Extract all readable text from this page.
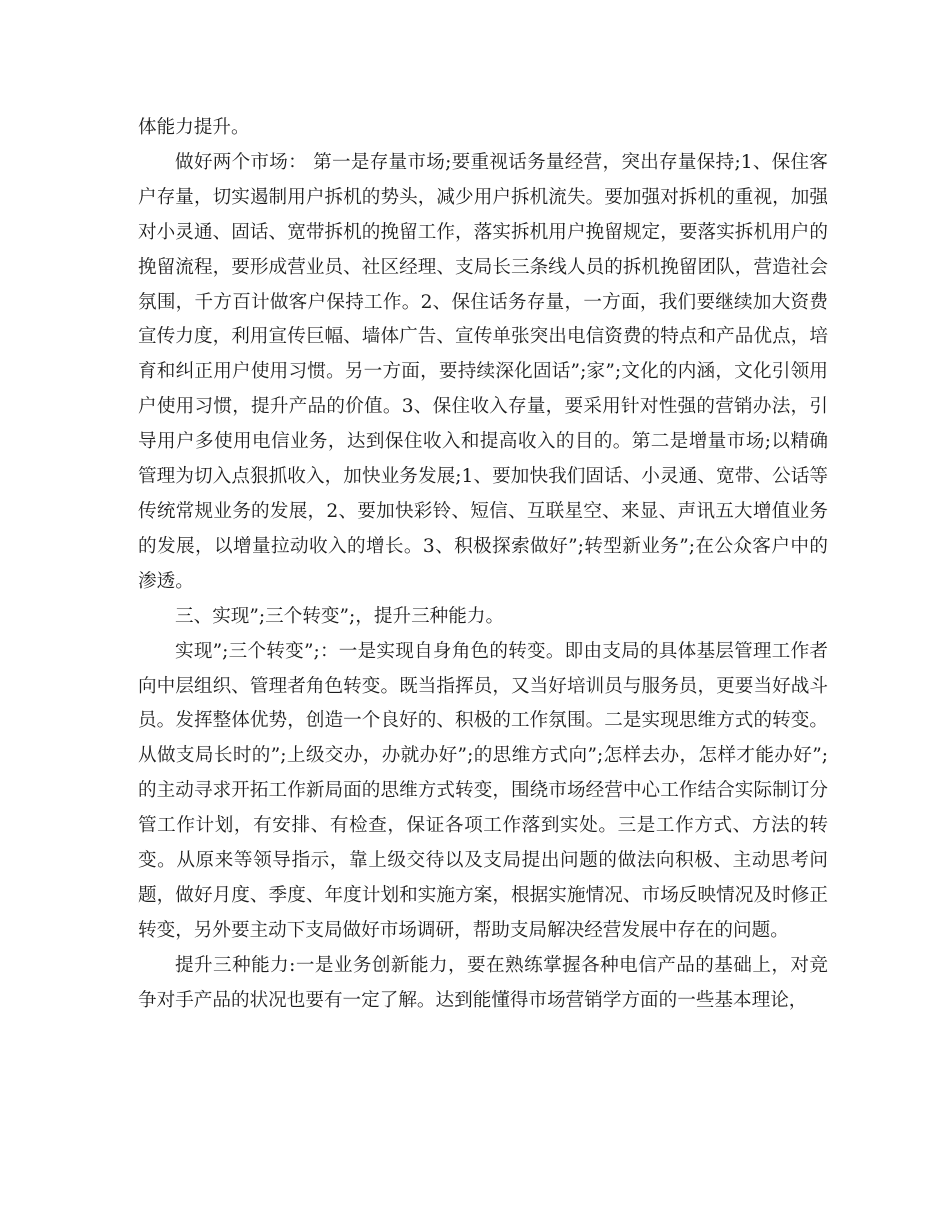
体能力提升。

做好两个市场： 第一是存量市场;要重视话务量经营，突出存量保持;1、保住客户存量，切实遏制用户拆机的势头，减少用户拆机流失。要加强对拆机的重视，加强对小灵通、固话、宽带拆机的挽留工作，落实拆机用户挽留规定，要落实拆机用户的挽留流程，要形成营业员、社区经理、支局长三条线人员的拆机挽留团队，营造社会氛围，千方百计做客户保持工作。2、保住话务存量，一方面，我们要继续加大资费宣传力度，利用宣传巨幅、墙体广告、宣传单张突出电信资费的特点和产品优点，培育和纠正用户使用习惯。另一方面，要持续深化固话”;家”;文化的内涵，文化引领用户使用习惯，提升产品的价值。3、保住收入存量，要采用针对性强的营销办法，引导用户多使用电信业务，达到保住收入和提高收入的目的。第二是增量市场;以精确管理为切入点狠抓收入，加快业务发展;1、要加快我们固话、小灵通、宽带、公话等传统常规业务的发展，2、要加快彩铃、短信、互联星空、来显、声讯五大增值业务的发展，以增量拉动收入的增长。3、积极探索做好”;转型新业务”;在公众客户中的渗透。

三、实现”;三个转变”;，提升三种能力。

实现”;三个转变”;：一是实现自身角色的转变。即由支局的具体基层管理工作者向中层组织、管理者角色转变。既当指挥员，又当好培训员与服务员，更要当好战斗员。发挥整体优势，创造一个良好的、积极的工作氛围。二是实现思维方式的转变。从做支局长时的”;上级交办，办就办好”;的思维方式向”;怎样去办，怎样才能办好”;的主动寻求开拓工作新局面的思维方式转变，围绕市场经营中心工作结合实际制订分管工作计划，有安排、有检查，保证各项工作落到实处。三是工作方式、方法的转变。从原来等领导指示，靠上级交待以及支局提出问题的做法向积极、主动思考问题，做好月度、季度、年度计划和实施方案，根据实施情况、市场反映情况及时修正转变，另外要主动下支局做好市场调研，帮助支局解决经营发展中存在的问题。

提升三种能力:一是业务创新能力，要在熟练掌握各种电信产品的基础上，对竞争对手产品的状况也要有一定了解。达到能懂得市场营销学方面的一些基本理论，
